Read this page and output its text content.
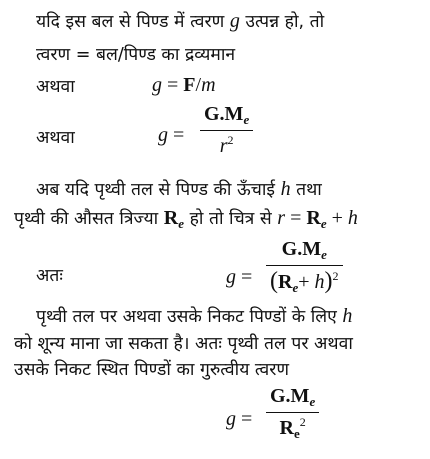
यदि इस बल से पिण्ड में त्वरण g उत्पन्न हो, तो
त्वरण = बल/पिण्ड का द्रव्यमान
अथवा	g = F/m
अथवा	g =
$G.M_e$
$r^2$
अब यदि पृथ्वी तल से पिण्ड की ऊँचाई h तथा
पृथ्वी की औसत त्रिज्या $R_e$ हो तो चित्र से $r = R_e + h$
अतः	g =
$G.M_e$
$(R_e+ h)^2$
पृथ्वी तल पर अथवा उसके निकट पिण्डों के लिए h
को शून्य माना जा सकता है। अतः पृथ्वी तल पर अथवा
उसके निकट स्थित पिण्डों का गुरुत्वीय त्वरण
g =
$G.M_e$
$R_e^2$
